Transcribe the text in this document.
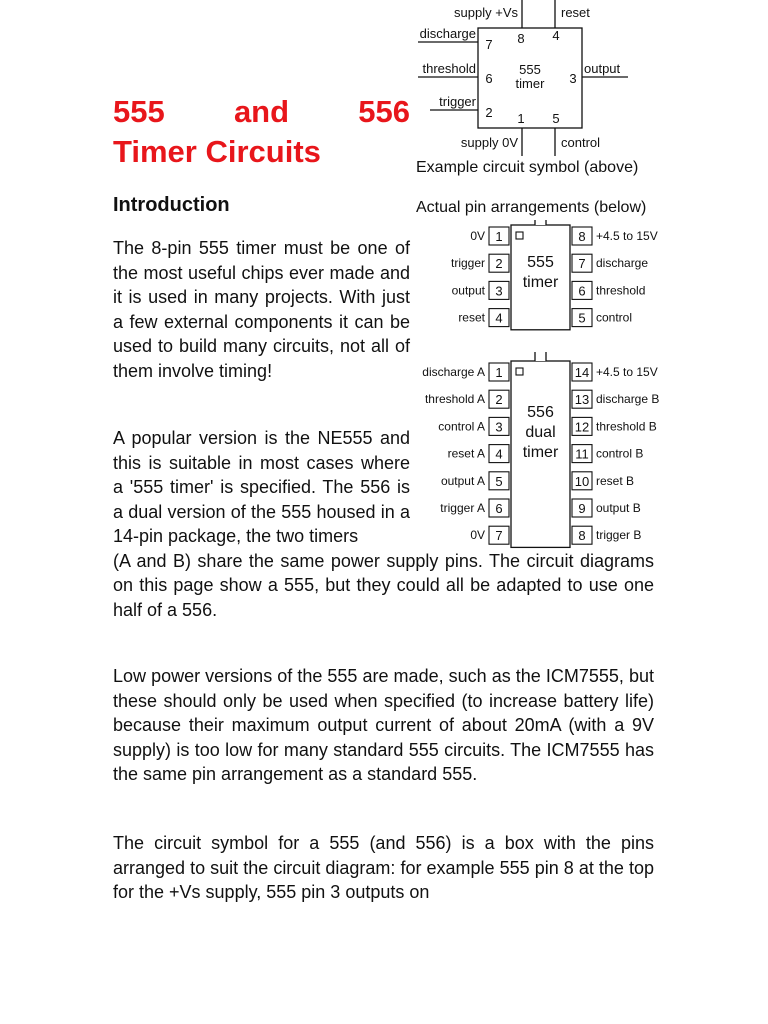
555 and 556
Timer Circuits
supply +Vs	reset
discharge
threshold
trigger
output
supply 0V	control
8 4
7
6
2
3
1 5
555
timer
Example circuit symbol (above)
Actual pin arrangements (below)
1
0V	8 +4.5 to 15V
2
trigger	7 discharge
3
output	6 threshold
4
reset	5 control
555
timer
1
discharge A	14 +4.5 to 15V
2
threshold A	13 discharge B
3
control A	12 threshold B
4
reset A	11 control B
5
output A	10 reset B
6
trigger A	9 output B
7
0V	8 trigger B
556
dual
timer
Introduction

The 8-pin 555 timer must be one of the most useful chips ever made and it is used in many projects. With just a few external components it can be used to build many circuits, not all of them involve timing!

A popular version is the NE555 and this is suitable in most cases where a '555 timer' is specified. The 556 is a dual version of the 555 housed in a 14-pin package, the two timers
(A and B) share the same power supply pins. The circuit diagrams on this page show a 555, but they could all be adapted to use one half of a 556.

Low power versions of the 555 are made, such as the ICM7555, but these should only be used when specified (to increase battery life) because their maximum output current of about 20mA (with a 9V supply) is too low for many standard 555 circuits. The ICM7555 has the same pin arrangement as a standard 555.

The circuit symbol for a 555 (and 556) is a box with the pins arranged to suit the circuit diagram: for example 555 pin 8 at the top for the +Vs supply, 555 pin 3 outputs on
